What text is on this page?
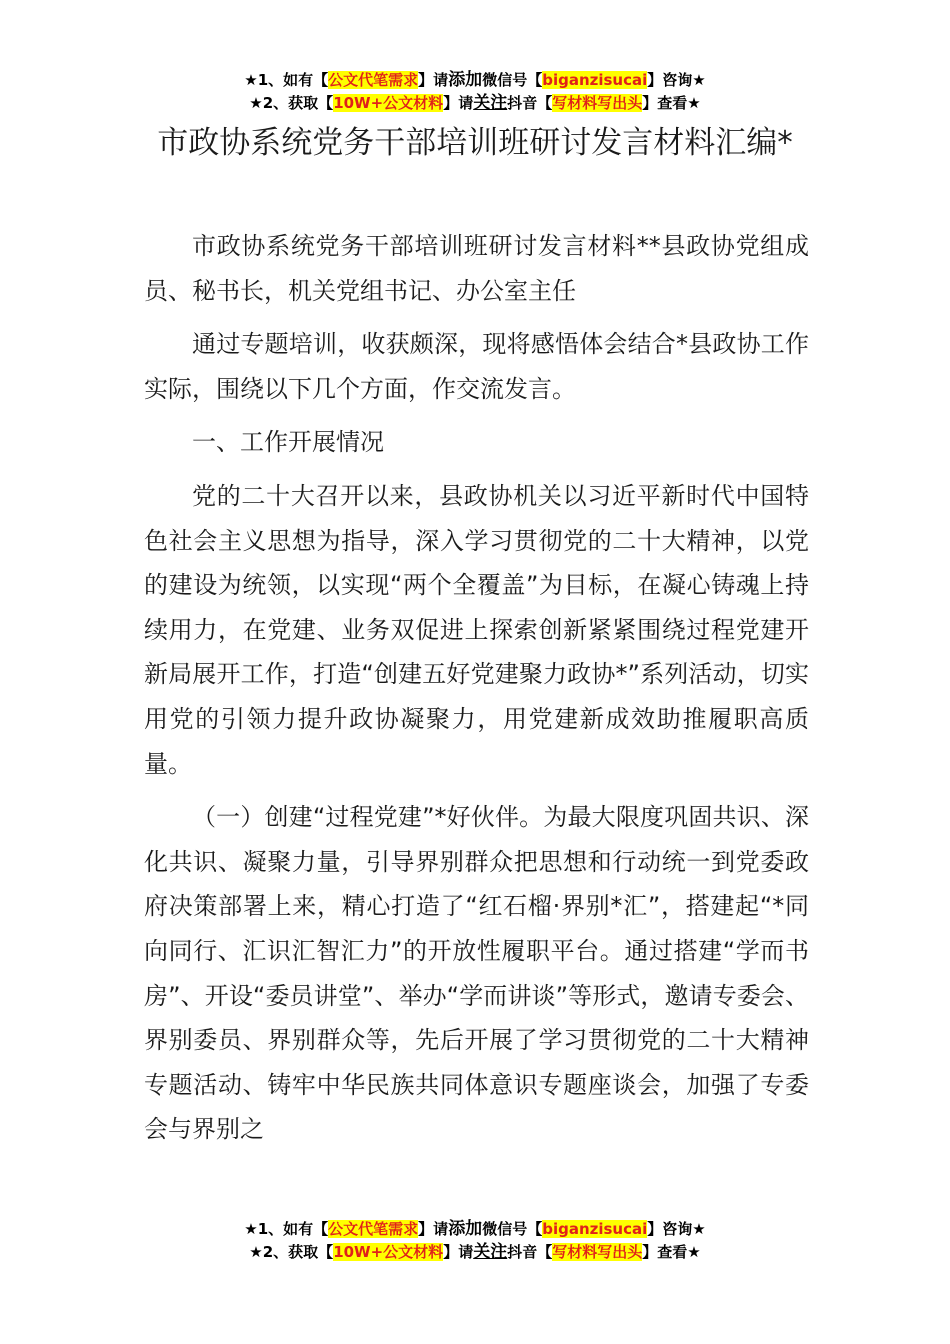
★1、如有【公文代笔需求】请添加微信号【biganzisucai】咨询★
★2、获取【10W+公文材料】请关注抖音【写材料写出头】查看★
市政协系统党务干部培训班研讨发言材料汇编*

市政协系统党务干部培训班研讨发言材料**县政协党组成员、秘书长，机关党组书记、办公室主任

通过专题培训，收获颇深，现将感悟体会结合*县政协工作实际，围绕以下几个方面，作交流发言。

一、工作开展情况

党的二十大召开以来，县政协机关以习近平新时代中国特色社会主义思想为指导，深入学习贯彻党的二十大精神，以党的建设为统领，以实现“两个全覆盖”为目标，在凝心铸魂上持续用力，在党建、业务双促进上探索创新紧紧围绕过程党建开新局展开工作，打造“创建五好党建聚力政协*”系列活动，切实用党的引领力提升政协凝聚力，用党建新成效助推履职高质量。

（一）创建“过程党建”*好伙伴。为最大限度巩固共识、深化共识、凝聚力量，引导界别群众把思想和行动统一到党委政府决策部署上来，精心打造了“红石榴·界别*汇”，搭建起“*同向同行、汇识汇智汇力”的开放性履职平台。通过搭建“学而书房”、开设“委员讲堂”、举办“学而讲谈”等形式，邀请专委会、界别委员、界别群众等，先后开展了学习贯彻党的二十大精神专题活动、铸牢中华民族共同体意识专题座谈会，加强了专委会与界别之

★1、如有【公文代笔需求】请添加微信号【biganzisucai】咨询★
★2、获取【10W+公文材料】请关注抖音【写材料写出头】查看★
